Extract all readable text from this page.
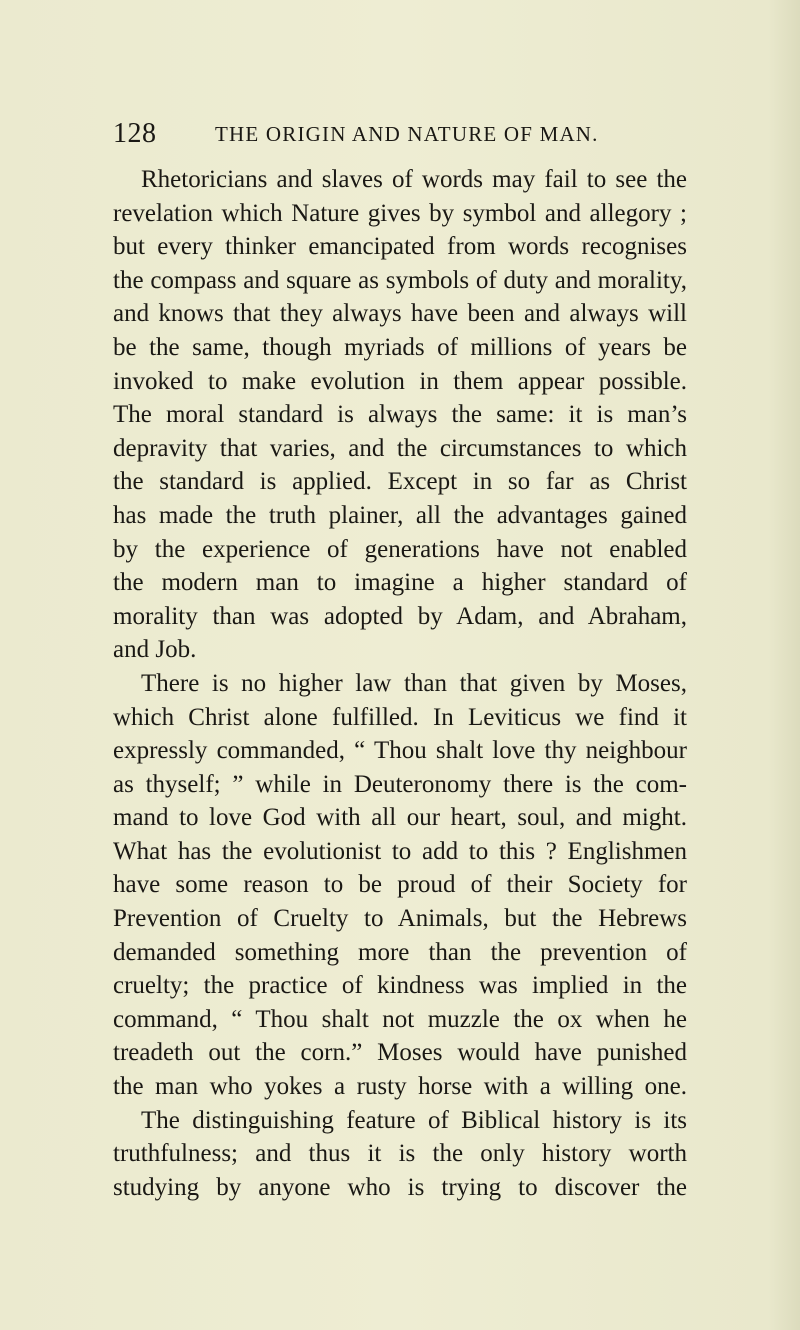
128	THE ORIGIN AND NATURE OF MAN.
Rhetoricians and slaves of words may fail to see the
revelation which Nature gives by symbol and allegory ;
but every thinker emancipated from words recognises
the compass and square as symbols of duty and morality,
and knows that they always have been and always will
be the same, though myriads of millions of years be
invoked to make evolution in them appear possible.
The moral standard is always the same: it is man’s
depravity that varies, and the circumstances to which
the standard is applied. Except in so far as Christ
has made the truth plainer, all the advantages gained
by the experience of generations have not enabled
the modern man to imagine a higher standard of
morality than was adopted by Adam, and Abraham,
and Job.
There is no higher law than that given by Moses,
which Christ alone fulfilled. In Leviticus we find it
expressly commanded, “ Thou shalt love thy neighbour
as thyself; ” while in Deuteronomy there is the com-
mand to love God with all our heart, soul, and might.
What has the evolutionist to add to this ? Englishmen
have some reason to be proud of their Society for
Prevention of Cruelty to Animals, but the Hebrews
demanded something more than the prevention of
cruelty; the practice of kindness was implied in the
command, “ Thou shalt not muzzle the ox when he
treadeth out the corn.” Moses would have punished
the man who yokes a rusty horse with a willing one.
The distinguishing feature of Biblical history is its
truthfulness; and thus it is the only history worth
studying by anyone who is trying to discover the
